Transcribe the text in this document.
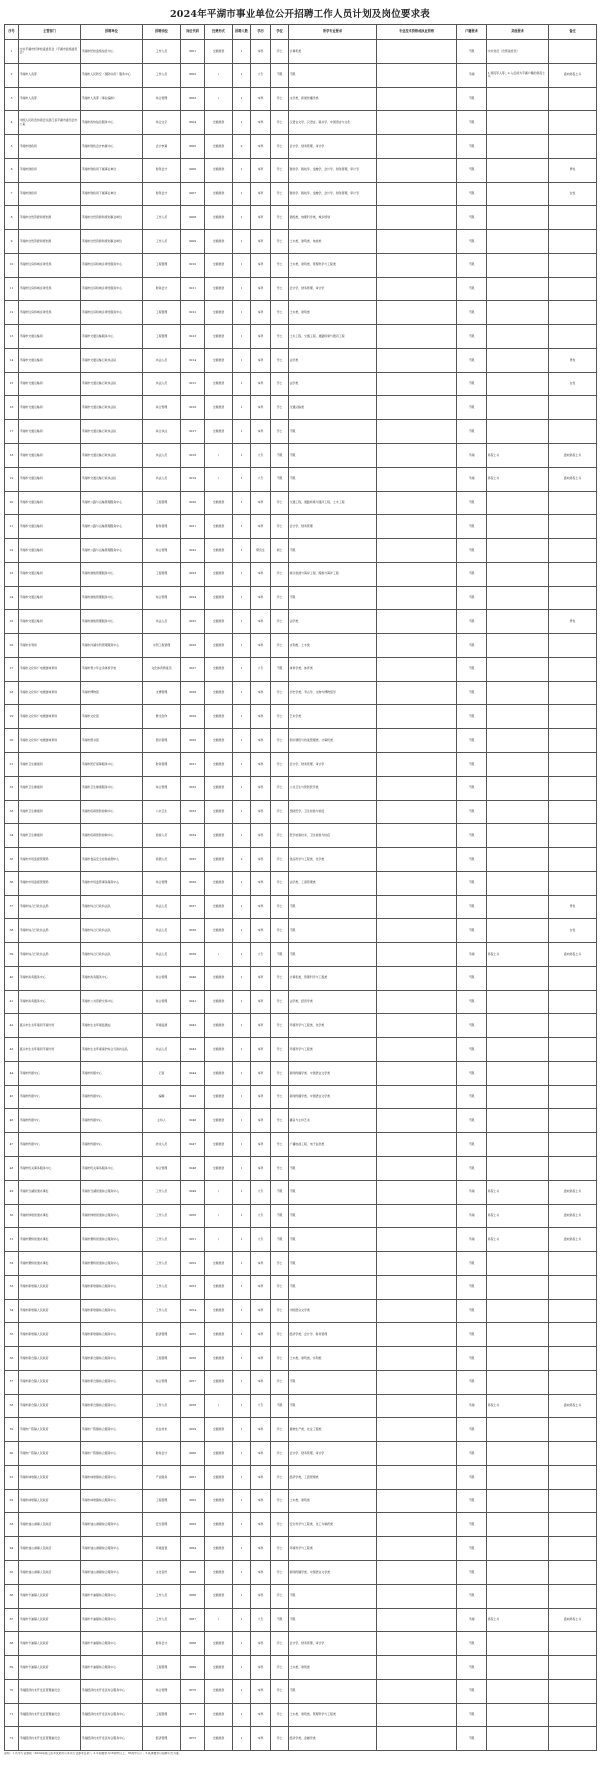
2024年平湖市事业单位公开招聘工作人员计划及岗位要求表
序号	主管部门	招聘单位	招聘岗位	岗位代码	经费形式	招聘人数	学历	学位	所学专业要求	专业技术资格或执业资格	户籍要求	其他要求	备注
1	中共平湖市纪律检查委员会（平湖市监察委员会）	平湖市纪检监察信息中心	工作人员	3001	全额拨款	1	本科	学士	计算机类		不限	中共党员（含预备党员）	
2	平湖市人武部	平湖市人民防空（国防动员）服务中心	工作人员	3002	/	1	大专	不限	不限		平湖	1.退役军人等；2.入伍前为平湖户籍的退役士兵	面向退役士兵
3	平湖市人武部	平湖市人武部（事业编制）	综合管理	3003	/	1	本科	学士	文学类、新闻传播学类		不限		
4	中国人民政治协商会议浙江省平湖市委员会办公室	平湖市政协信息服务中心	综合文字	3004	全额拨款	1	本科	学士	汉语言文学、汉语言、秘书学、中国语言与文化		不限		
5	平湖市财政局	平湖市财政会计核算中心	会计核算	3005	全额拨款	2	本科	学士	会计学、财务管理、审计学		不限		
6	平湖市财政局	平湖市财政局下属事业单位	财务会计	3006	全额拨款	1	本科	学士	财政学、税收学、金融学、会计学、财务管理、审计学		不限		男性
7	平湖市财政局	平湖市财政局下属事业单位	财务会计	3007	全额拨款	1	本科	学士	财政学、税收学、金融学、会计学、财务管理、审计学		不限		女性
8	平湖市自然资源和规划局	平湖市自然资源和规划事业单位	工作人员	3008	全额拨款	1	本科	学士	测绘类、地理科学类、城乡规划		不限		
9	平湖市自然资源和规划局	平湖市自然资源和规划事业单位	工作人员	3009	全额拨款	1	本科	学士	土木类、建筑类、地质类		不限		
10	平湖市住房和城乡建设局	平湖市住房和城乡建设服务中心	工程管理	3010	全额拨款	1	本科	学士	土木类、建筑类、管理科学与工程类		不限		
11	平湖市住房和城乡建设局	平湖市住房和城乡建设服务中心	财务会计	3011	全额拨款	1	本科	学士	会计学、财务管理、审计学		不限		
12	平湖市住房和城乡建设局	平湖市住房和城乡建设服务中心	工程管理	3012	全额拨款	1	本科	学士	土木类、建筑类		不限		
13	平湖市交通运输局	平湖市交通运输服务中心	工程管理	3013	全额拨款	1	本科	学士	土木工程、交通工程、道路桥梁与渡河工程		不限		
14	平湖市交通运输局	平湖市交通运输行政执法队	执法人员	3014	全额拨款	1	本科	学士	法学类		不限		男性
15	平湖市交通运输局	平湖市交通运输行政执法队	执法人员	3015	全额拨款	1	本科	学士	法学类		不限		女性
16	平湖市交通运输局	平湖市交通运输行政执法队	综合管理	3016	全额拨款	1	本科	学士	交通运输类		不限		
17	平湖市交通运输局	平湖市交通运输行政执法队	综合执法	3017	全额拨款	1	本科	学士	不限		不限		
18	平湖市交通运输局	平湖市交通运输行政执法队	执法人员	3018	/	1	大专	不限	不限		平湖	退役士兵	面向退役士兵
19	平湖市交通运输局	平湖市交通运输行政执法队	执法人员	3019	/	1	大专	不限	不限		平湖	退役士兵	面向退役士兵
20	平湖市交通运输局	平湖市公路与运输管理服务中心	工程管理	3020	全额拨款	1	本科	学士	交通工程、道路桥梁与渡河工程、土木工程		不限		
21	平湖市交通运输局	平湖市公路与运输管理服务中心	财务管理	3021	全额拨款	1	本科	学士	会计学、财务管理		不限		
22	平湖市交通运输局	平湖市公路与运输管理服务中心	综合管理	3022	全额拨款	1	研究生	硕士	不限		不限		
23	平湖市交通运输局	平湖市港航管理服务中心	工程管理	3023	全额拨款	1	本科	学士	港口航道与海岸工程、船舶与海洋工程		不限		
24	平湖市交通运输局	平湖市港航管理服务中心	综合管理	3024	全额拨款	1	本科	学士	不限		不限		
25	平湖市交通运输局	平湖市港航管理服务中心	执法人员	3025	全额拨款	1	本科	学士	法学类		不限		男性
26	平湖市水利局	平湖市河湖水利管理服务中心	水利工程管理	3026	全额拨款	1	本科	学士	水利类、土木类		不限		
27	平湖市文化和广电旅游体育局	平湖市青少年业余体育学校	文化体育教练员	3027	全额拨款	1	大专	不限	体育学类、体育类		不限		
28	平湖市文化和广电旅游体育局	平湖市博物馆	文博管理	3028	全额拨款	1	本科	学士	历史学类、考古学、文物与博物馆学		不限		
29	平湖市文化和广电旅游体育局	平湖市文化馆	群文创作	3029	全额拨款	1	本科	学士	艺术学类		不限		
30	平湖市文化和广电旅游体育局	平湖市图书馆	图书管理	3030	全额拨款	1	本科	学士	图书情报与档案管理类、计算机类		不限		
31	平湖市卫生健康局	平湖市医疗保障服务中心	财务管理	3031	全额拨款	1	本科	学士	会计学、财务管理、审计学		不限		
32	平湖市卫生健康局	平湖市卫生健康服务中心	综合管理	3032	全额拨款	1	本科	学士	公共卫生与预防医学类		不限		
33	平湖市卫生健康局	平湖市疾病预防控制中心	公共卫生	3033	全额拨款	1	本科	学士	预防医学、卫生检验与检疫		不限		
34	平湖市卫生健康局	平湖市疾病预防控制中心	检验人员	3034	全额拨款	1	本科	学士	医学检验技术、卫生检验与检疫		不限		
35	平湖市市场监督管理局	平湖市食品安全检验检测中心	检测人员	3035	全额拨款	2	本科	学士	食品科学与工程类、化学类		不限		
36	平湖市市场监督管理局	平湖市市场监管事务服务中心	综合管理	3036	全额拨款	1	本科	学士	法学类、工商管理类		不限		
37	平湖市综合行政执法局	平湖市综合行政执法队	执法人员	3037	全额拨款	1	本科	学士	不限		不限		男性
38	平湖市综合行政执法局	平湖市综合行政执法队	执法人员	3038	全额拨款	1	本科	学士	不限		不限		女性
39	平湖市综合行政执法局	平湖市综合行政执法队	执法人员	3039	/	1	大专	不限	不限		平湖	退役士兵	面向退役士兵
40	平湖市政务服务中心	平湖市政务服务中心	综合管理	3040	全额拨款	1	本科	学士	计算机类、管理科学与工程类		不限		
41	平湖市政务服务中心	平湖市公共资源交易中心	综合管理	3041	全额拨款	1	本科	学士	法学类、经济学类		不限		
42	嘉兴市生态环境局平湖分局	平湖市生态环境监测站	环境监测	3042	全额拨款	1	本科	学士	环境科学与工程类、化学类		不限		
43	嘉兴市生态环境局平湖分局	平湖市生态环境保护综合行政执法队	执法人员	3043	全额拨款	1	本科	学士	环境科学与工程类		不限		
44	平湖市传媒中心	平湖市传媒中心	记者	3044	全额拨款	1	本科	学士	新闻传播学类、中国语言文学类		不限		
45	平湖市传媒中心	平湖市传媒中心	编辑	3045	全额拨款	1	本科	学士	新闻传播学类、中国语言文学类		不限		
46	平湖市传媒中心	平湖市传媒中心	主持人	3046	全额拨款	1	本科	学士	播音与主持艺术		不限		
47	平湖市传媒中心	平湖市传媒中心	技术人员	3047	全额拨款	1	本科	学士	广播电视工程、电子信息类		不限		
48	平湖市机关事务服务中心	平湖市机关事务服务中心	综合管理	3048	全额拨款	1	本科	学士	不限		不限		
49	平湖市当湖街道办事处	平湖市当湖街道综合服务中心	工作人员	3049	/	1	大专	不限	不限		平湖	退役士兵	面向退役士兵
50	平湖市钟埭街道办事处	平湖市钟埭街道综合服务中心	工作人员	3050	/	1	大专	不限	不限		平湖	退役士兵	面向退役士兵
51	平湖市曹桥街道办事处	平湖市曹桥街道综合服务中心	工作人员	3051	/	1	大专	不限	不限		平湖	退役士兵	面向退役士兵
52	平湖市曹桥街道办事处	平湖市曹桥街道综合服务中心	工作人员	3052	全额拨款	1	本科	学士	不限		不限		
53	平湖市新埭镇人民政府	平湖市新埭镇综合服务中心	工作人员	3053	全额拨款	1	本科	学士	不限		不限		
54	平湖市新埭镇人民政府	平湖市新埭镇综合服务中心	工作人员	3054	全额拨款	1	本科	学士	中国语言文学类		不限		
55	平湖市新埭镇人民政府	平湖市新埭镇综合服务中心	经济管理	3055	全额拨款	1	本科	学士	经济学类、会计学、财务管理		不限		
56	平湖市新仓镇人民政府	平湖市新仓镇综合服务中心	工程管理	3056	全额拨款	1	本科	学士	土木类、建筑类、水利类		不限		
57	平湖市新仓镇人民政府	平湖市新仓镇综合服务中心	综合管理	3057	全额拨款	1	本科	学士	不限		不限		
58	平湖市新仓镇人民政府	平湖市新仓镇综合服务中心	工作人员	3058	/	1	大专	不限	不限		平湖	退役士兵	面向退役士兵
59	平湖市广陈镇人民政府	平湖市广陈镇综合服务中心	农业技术	3059	全额拨款	1	本科	学士	植物生产类、农业工程类		不限		
60	平湖市广陈镇人民政府	平湖市广陈镇综合服务中心	财务会计	3060	全额拨款	1	本科	学士	会计学、财务管理、审计学		不限		
61	平湖市林埭镇人民政府	平湖市林埭镇综合服务中心	产业服务	3061	全额拨款	1	本科	学士	经济学类、工商管理类		不限		
62	平湖市林埭镇人民政府	平湖市林埭镇综合服务中心	工程管理	3062	全额拨款	1	本科	学士	土木类、建筑类		不限		
63	平湖市独山港镇人民政府	平湖市独山港镇综合服务中心	安全管理	3063	全额拨款	1	本科	学士	安全科学与工程类、化工与制药类		不限		
64	平湖市独山港镇人民政府	平湖市独山港镇综合服务中心	环境监管	3064	全额拨款	1	本科	学士	环境科学与工程类		不限		
65	平湖市独山港镇人民政府	平湖市独山港镇综合服务中心	文化宣传	3065	全额拨款	1	本科	学士	新闻传播学类、中国语言文学类		不限		
66	平湖市乍浦镇人民政府	平湖市乍浦镇综合服务中心	工作人员	3066	全额拨款	1	本科	学士	不限		不限		
67	平湖市乍浦镇人民政府	平湖市乍浦镇综合服务中心	工作人员	3067	/	1	大专	不限	不限		平湖	退役士兵	面向退役士兵
68	平湖市乍浦镇人民政府	平湖市乍浦镇综合服务中心	财务会计	3068	全额拨款	1	本科	学士	会计学、财务管理、审计学		不限		
69	平湖市乍浦镇人民政府	平湖市乍浦镇综合服务中心	工程管理	3069	全额拨款	1	本科	学士	土木类、建筑类		不限		
70	平湖经济技术开发区管理委员会	平湖经济技术开发区综合服务中心	综合管理	3070	全额拨款	1	本科	学士	不限		不限		
71	平湖经济技术开发区管理委员会	平湖经济技术开发区综合服务中心	工程管理	3071	全额拨款	1	本科	学士	土木类、建筑类、管理科学与工程类		不限		
72	平湖经济技术开发区管理委员会	平湖经济技术开发区综合服务中心	经济管理	3072	全额拨款	1	本科	学士	经济学类、金融学类		不限		
说明：1.所学专业参照《2024年浙江省考试录用公务员专业参考目录》；2.年龄要求为18周岁以上、35周岁以下；3.具体要求以招聘公告为准。
